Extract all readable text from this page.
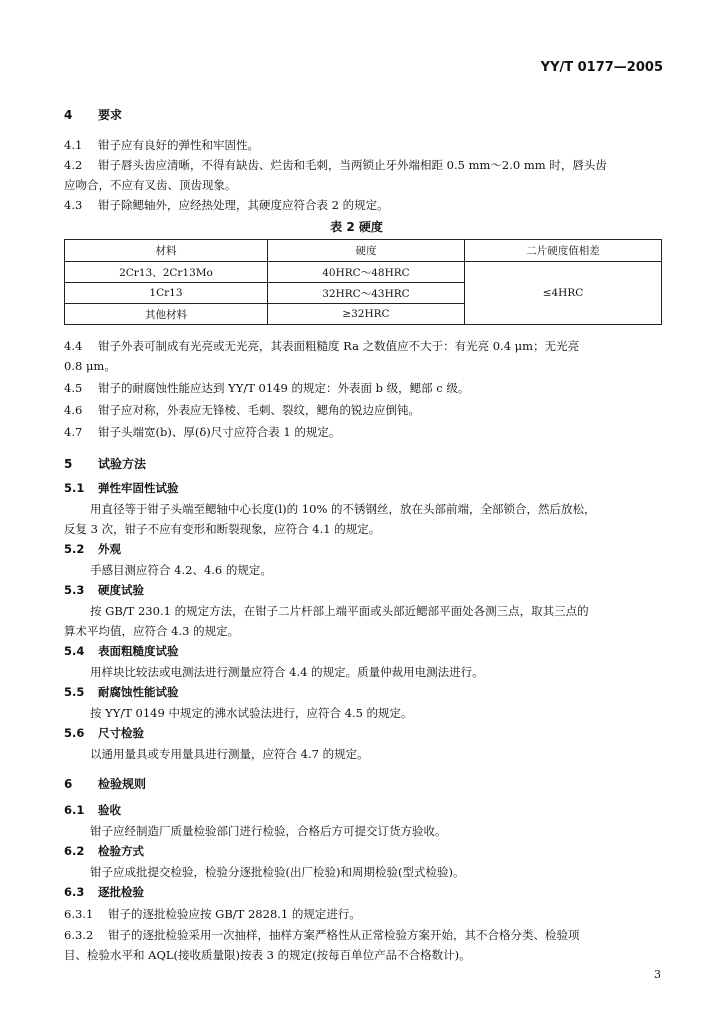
YY/T 0177—2005
4 要求
4.1 钳子应有良好的弹性和牢固性。
4.2 钳子唇头齿应清晰，不得有缺齿、烂齿和毛刺，当两锁止牙外端相距 0.5 mm～2.0 mm 时，唇头齿
应吻合，不应有叉齿、顶齿现象。
4.3 钳子除鳃轴外，应经热处理，其硬度应符合表 2 的规定。
表 2 硬度
材料	硬度	二片硬度值相差
2Cr13、2Cr13Mo	40HRC～48HRC	≤4HRC
1Cr13	32HRC～43HRC	
其他材料	≥32HRC	
4.4 钳子外表可制成有光亮或无光亮，其表面粗糙度 Ra 之数值应不大于：有光亮 0.4 μm；无光亮
0.8 μm。
4.5 钳子的耐腐蚀性能应达到 YY/T 0149 的规定：外表面 b 级，鳃部 c 级。
4.6 钳子应对称，外表应无锋棱、毛刺、裂纹，鳃角的锐边应倒钝。
4.7 钳子头端宽(b)、厚(δ)尺寸应符合表 1 的规定。
5 试验方法
5.1 弹性牢固性试验
用直径等于钳子头端至鳃轴中心长度(l)的 10% 的不锈钢丝，放在头部前端，全部锁合，然后放松，
反复 3 次，钳子不应有变形和断裂现象，应符合 4.1 的规定。
5.2 外观
手感目测应符合 4.2、4.6 的规定。
5.3 硬度试验
按 GB/T 230.1 的规定方法，在钳子二片杆部上端平面或头部近鳃部平面处各测三点，取其三点的
算术平均值，应符合 4.3 的规定。
5.4 表面粗糙度试验
用样块比较法或电测法进行测量应符合 4.4 的规定。质量仲裁用电测法进行。
5.5 耐腐蚀性能试验
按 YY/T 0149 中规定的沸水试验法进行，应符合 4.5 的规定。
5.6 尺寸检验
以通用量具或专用量具进行测量，应符合 4.7 的规定。
6 检验规则
6.1 验收
钳子应经制造厂质量检验部门进行检验，合格后方可提交订货方验收。
6.2 检验方式
钳子应成批提交检验，检验分逐批检验(出厂检验)和周期检验(型式检验)。
6.3 逐批检验
6.3.1 钳子的逐批检验应按 GB/T 2828.1 的规定进行。
6.3.2 钳子的逐批检验采用一次抽样，抽样方案严格性从正常检验方案开始，其不合格分类、检验项
目、检验水平和 AQL(接收质量限)按表 3 的规定(按每百单位产品不合格数计)。
3
